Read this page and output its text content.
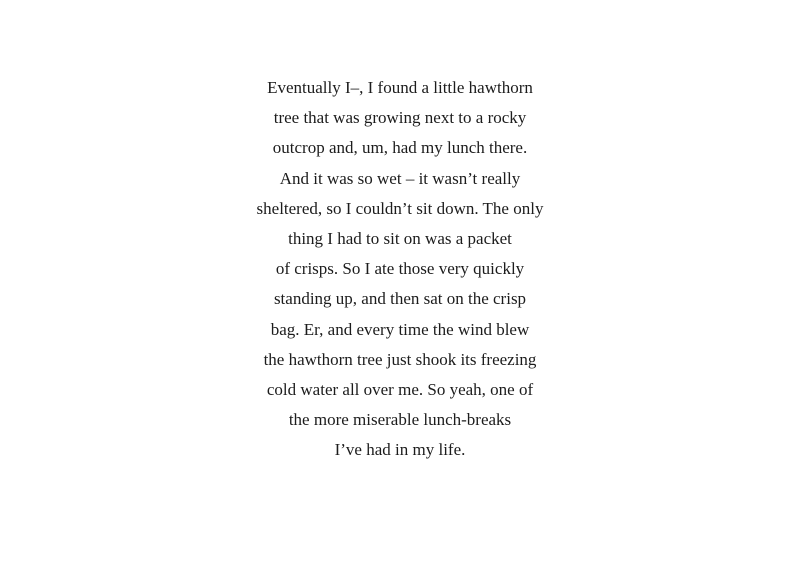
Eventually I–, I found a little hawthorn
tree that was growing next to a rocky
outcrop and, um, had my lunch there.
And it was so wet – it wasn’t really
sheltered, so I couldn’t sit down. The only
thing I had to sit on was a packet
of crisps. So I ate those very quickly
standing up, and then sat on the crisp
bag. Er, and every time the wind blew
the hawthorn tree just shook its freezing
cold water all over me. So yeah, one of
the more miserable lunch-breaks
I’ve had in my life.
